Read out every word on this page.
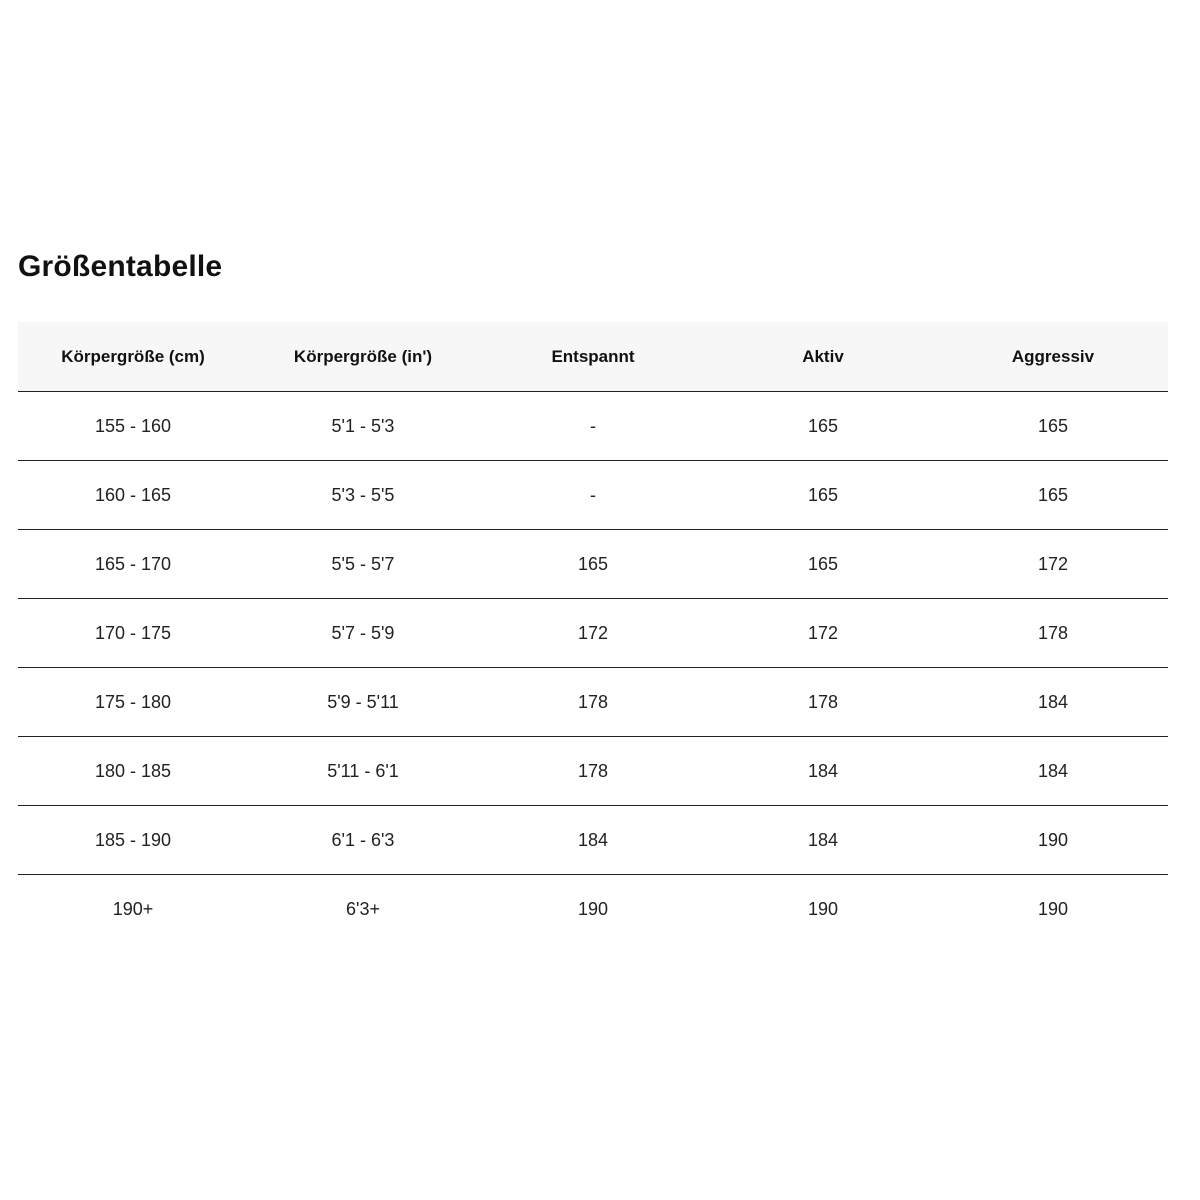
Größentabelle
Körpergröße (cm)	Körpergröße (in')	Entspannt	Aktiv	Aggressiv
155 - 160	5'1 - 5'3	-	165	165
160 - 165	5'3 - 5'5	-	165	165
165 - 170	5'5 - 5'7	165	165	172
170 - 175	5'7 - 5'9	172	172	178
175 - 180	5'9 - 5'11	178	178	184
180 - 185	5'11 - 6'1	178	184	184
185 - 190	6'1 - 6'3	184	184	190
190+	6'3+	190	190	190
